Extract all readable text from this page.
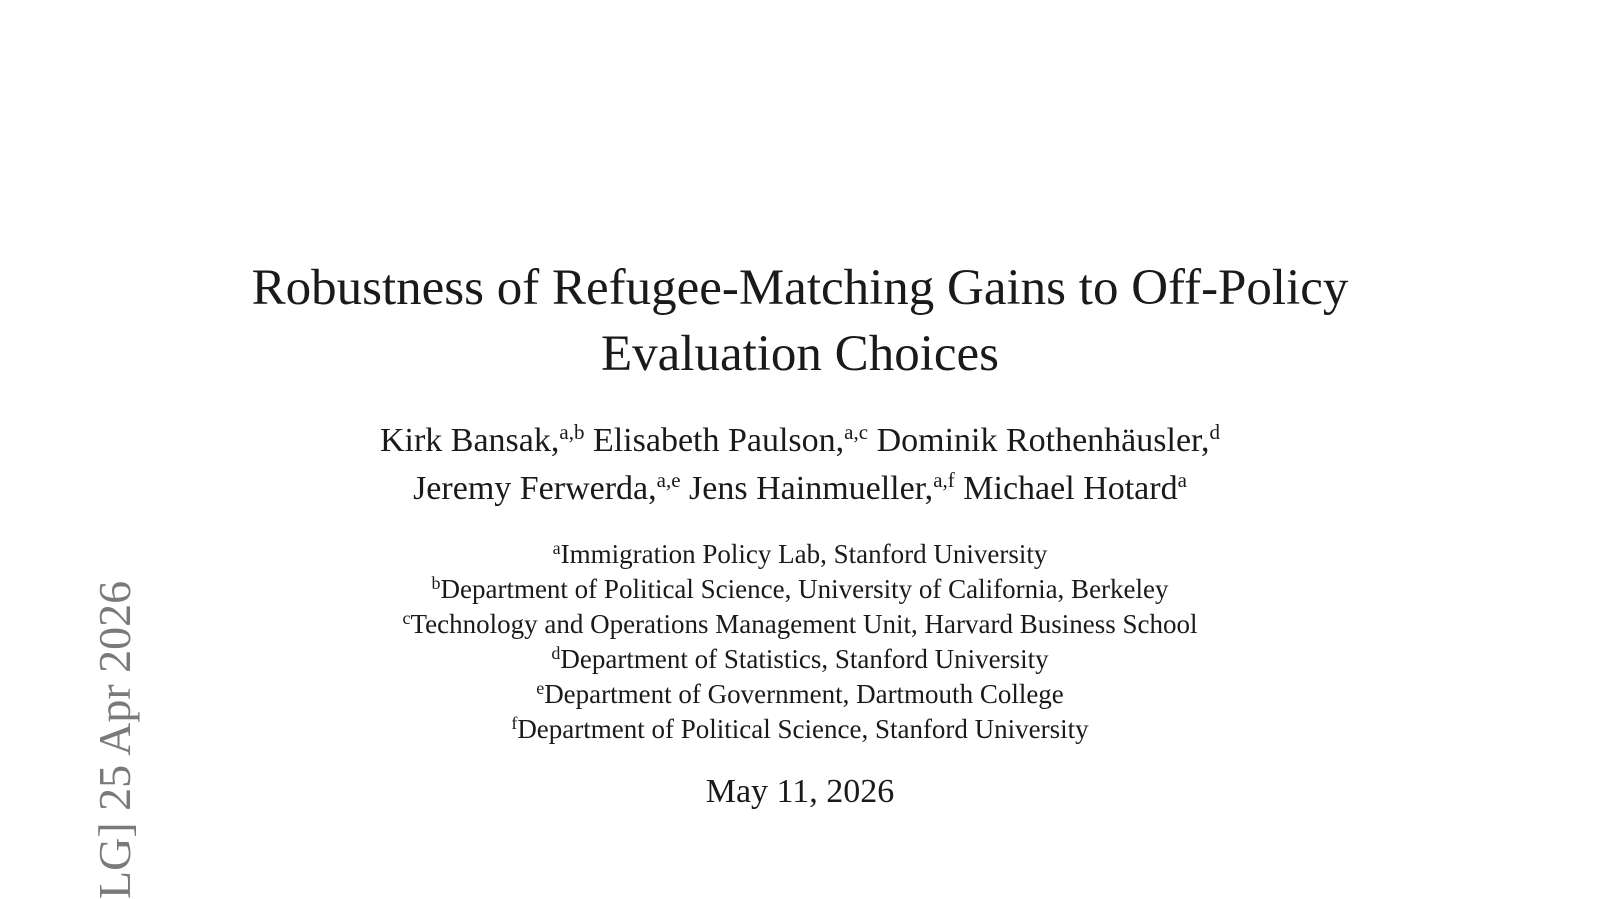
LG] 25 Apr 2026
Robustness of Refugee-Matching Gains to Off-Policy
Evaluation Choices
Kirk Bansak,$^{a,b}$ Elisabeth Paulson,$^{a,c}$ Dominik Rothenhäusler,$^d$
Jeremy Ferwerda,$^{a,e}$ Jens Hainmueller,$^{a,f}$ Michael Hotard$^a$
$^a$Immigration Policy Lab, Stanford University
$^b$Department of Political Science, University of California, Berkeley
$^c$Technology and Operations Management Unit, Harvard Business School
$^d$Department of Statistics, Stanford University
$^e$Department of Government, Dartmouth College
$^f$Department of Political Science, Stanford University
May 11, 2026
